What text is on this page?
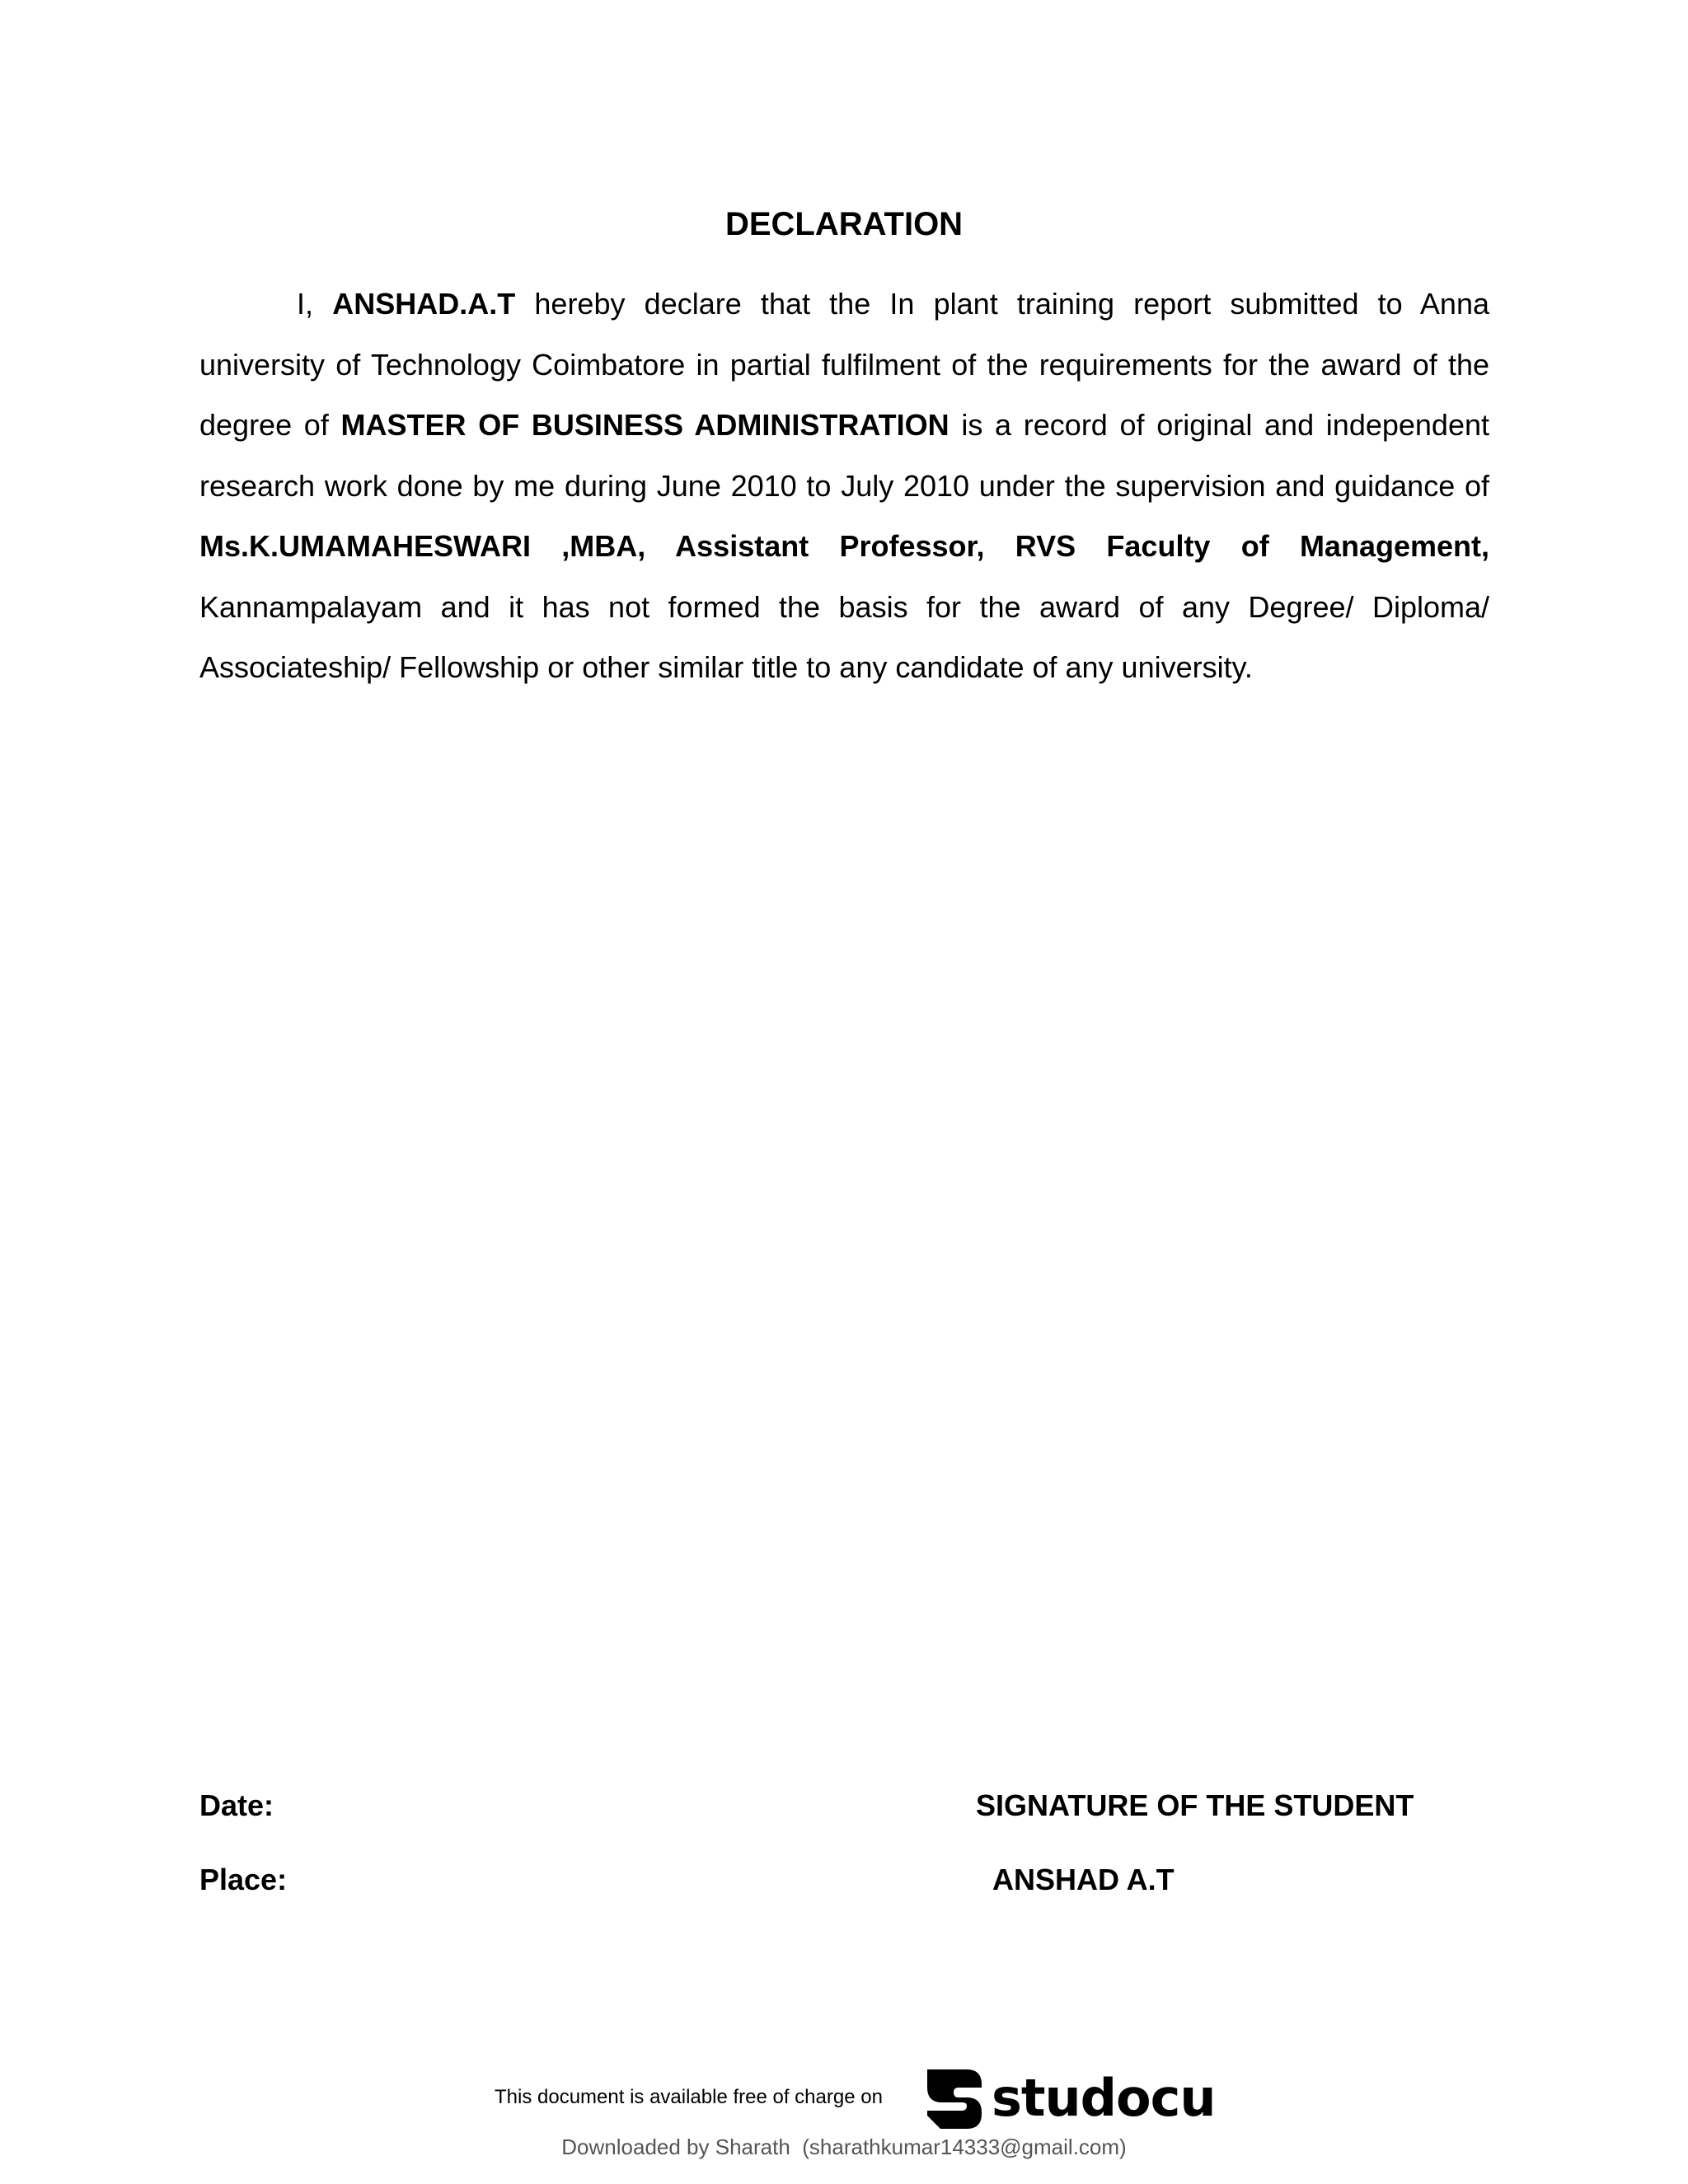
DECLARATION
I, ANSHAD.A.T hereby declare that the In plant training report submitted to Anna university of Technology Coimbatore in partial fulfilment of the requirements for the award of the degree of MASTER OF BUSINESS ADMINISTRATION is a record of original and independent research work done by me during June 2010 to July 2010 under the supervision and guidance of Ms.K.UMAMAHESWARI ,MBA, Assistant Professor, RVS Faculty of Management, Kannampalayam and it has not formed the basis for the award of any Degree/ Diploma/ Associateship/ Fellowship or other similar title to any candidate of any university.
Date:
Place:
SIGNATURE OF THE STUDENT
ANSHAD A.T
This document is available free of charge on studocu
Downloaded by Sharath  (sharathkumar14333@gmail.com)
